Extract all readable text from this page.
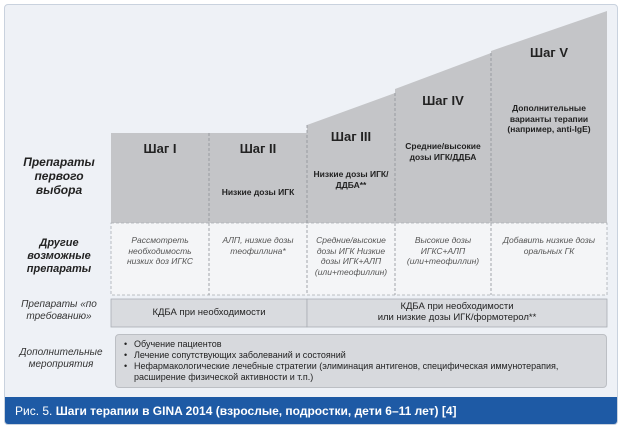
Препараты первого выбора
Другие возможные препараты
Препараты «по требованию»
Дополнительные мероприятия
Шаг I	Шаг II
Шаг III
Шаг IV
Шаг V
Низкие дозы ИГК
Низкие дозы ИГК/ДДБА**
Средние/высокие дозы ИГК/ДДБА
Дополнительные варианты терапии (например, anti-IgE)
Рассмотреть необходимость низких доз ИГКС
АЛП, низкие дозы теофиллина*
Средние/высокие дозы ИГК Низкие дозы ИГК+АЛП (или+теофиллин)
Высокие дозы ИГКС+АЛП (или+теофиллин)
Добавить низкие дозы оральных ГК
КДБА при необходимости
КДБА при необходимости
или низкие дозы ИГК/формотерол**
• Обучение пациентов
• Лечение сопутствующих заболеваний и состояний
• Нефармакологические лечебные стратегии (элиминация антигенов, специфическая иммунотерапия, расширение физической активности и т.п.)
Рис. 5. Шаги терапии в GINA 2014 (взрослые, подростки, дети 6–11 лет) [4]
